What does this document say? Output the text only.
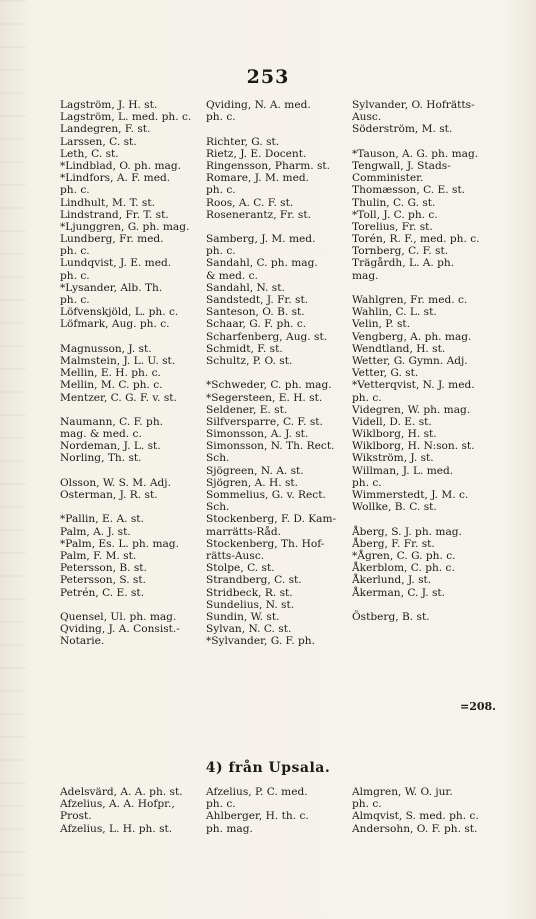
253
Lagström, J. H. st.
Lagström, L. med. ph. c.
Landegren, F. st.
Larssen, C. st.
Leth, C. st.
*Lindblad, O. ph. mag.
*Lindfors, A. F. med.
ph. c.
Lindhult, M. T. st.
Lindstrand, Fr. T. st.
*Ljunggren, G. ph. mag.
Lundberg, Fr. med.
ph. c.
Lundqvist, J. E. med.
ph. c.
*Lysander, Alb. Th.
ph. c.
Löfvenskjöld, L. ph. c.
Löfmark, Aug. ph. c.
Magnusson, J. st.
Malmstein, J. L. U. st.
Mellin, E. H. ph. c.
Mellin, M. C. ph. c.
Mentzer, C. G. F. v. st.
Naumann, C. F. ph.
mag. & med. c.
Nordeman, J. L. st.
Norling, Th. st.
Olsson, W. S. M. Adj.
Osterman, J. R. st.
*Pallin, E. A. st.
Palm, A. J. st.
*Palm, Es. L. ph. mag.
Palm, F. M. st.
Petersson, B. st.
Petersson, S. st.
Petrén, C. E. st.
Quensel, Ul. ph. mag.
Qviding, J. A. Consist.-
Notarie.
Qviding, N. A. med.
ph. c.
Richter, G. st.
Rietz, J. E. Docent.
Ringensson, Pharm. st.
Romare, J. M. med.
ph. c.
Roos, A. C. F. st.
Rosenerantz, Fr. st.
Samberg, J. M. med.
ph. c.
Sandahl, C. ph. mag.
& med. c.
Sandahl, N. st.
Sandstedt, J. Fr. st.
Santeson, O. B. st.
Schaar, G. F. ph. c.
Scharfenberg, Aug. st.
Schmidt, F. st.
Schultz, P. O. st.
*Schweder, C. ph. mag.
*Segersteen, E. H. st.
Seldener, E. st.
Silfversparre, C. F. st.
Simonsson, A. J. st.
Simonsson, N. Th. Rect.
Sch.
Sjögreen, N. A. st.
Sjögren, A. H. st.
Sommelius, G. v. Rect.
Sch.
Stockenberg, F. D. Kam-
marrätts-Råd.
Stockenberg, Th. Hof-
rätts-Ausc.
Stolpe, C. st.
Strandberg, C. st.
Stridbeck, R. st.
Sundelius, N. st.
Sundin, W. st.
Sylvan, N. C. st.
*Sylvander, G. F. ph.
Sylvander, O. Hofrätts-
Ausc.
Söderström, M. st.
*Tauson, A. G. ph. mag.
Tengwall, J. Stads-
Comminister.
Thomæsson, C. E. st.
Thulin, C. G. st.
*Toll, J. C. ph. c.
Torelius, Fr. st.
Torén, R. F., med. ph. c.
Tornberg, C. F. st.
Trägårdh, L. A. ph.
mag.
Wahlgren, Fr. med. c.
Wahlin, C. L. st.
Velin, P. st.
Vengberg, A. ph. mag.
Wendtland, H. st.
Wetter, G. Gymn. Adj.
Vetter, G. st.
*Vetterqvist, N. J. med.
ph. c.
Videgren, W. ph. mag.
Videll, D. E. st.
Wiklborg, H. st.
Wiklborg, H. N:son. st.
Wikström, J. st.
Willman, J. L. med.
ph. c.
Wimmerstedt, J. M. c.
Wollke, B. C. st.
Åberg, S. J. ph. mag.
Åberg, F. Fr. st.
*Ågren, C. G. ph. c.
Åkerblom, C. ph. c.
Åkerlund, J. st.
Åkerman, C. J. st.
Östberg, B. st.
=208.
4) från Upsala.
Adelsvärd, A. A. ph. st.
Afzelius, A. A. Hofpr.,
Prost.
Afzelius, L. H. ph. st.
Afzelius, P. C. med.
ph. c.
Ahlberger, H. th. c.
ph. mag.
Almgren, W. O. jur.
ph. c.
Almqvist, S. med. ph. c.
Andersohn, O. F. ph. st.
